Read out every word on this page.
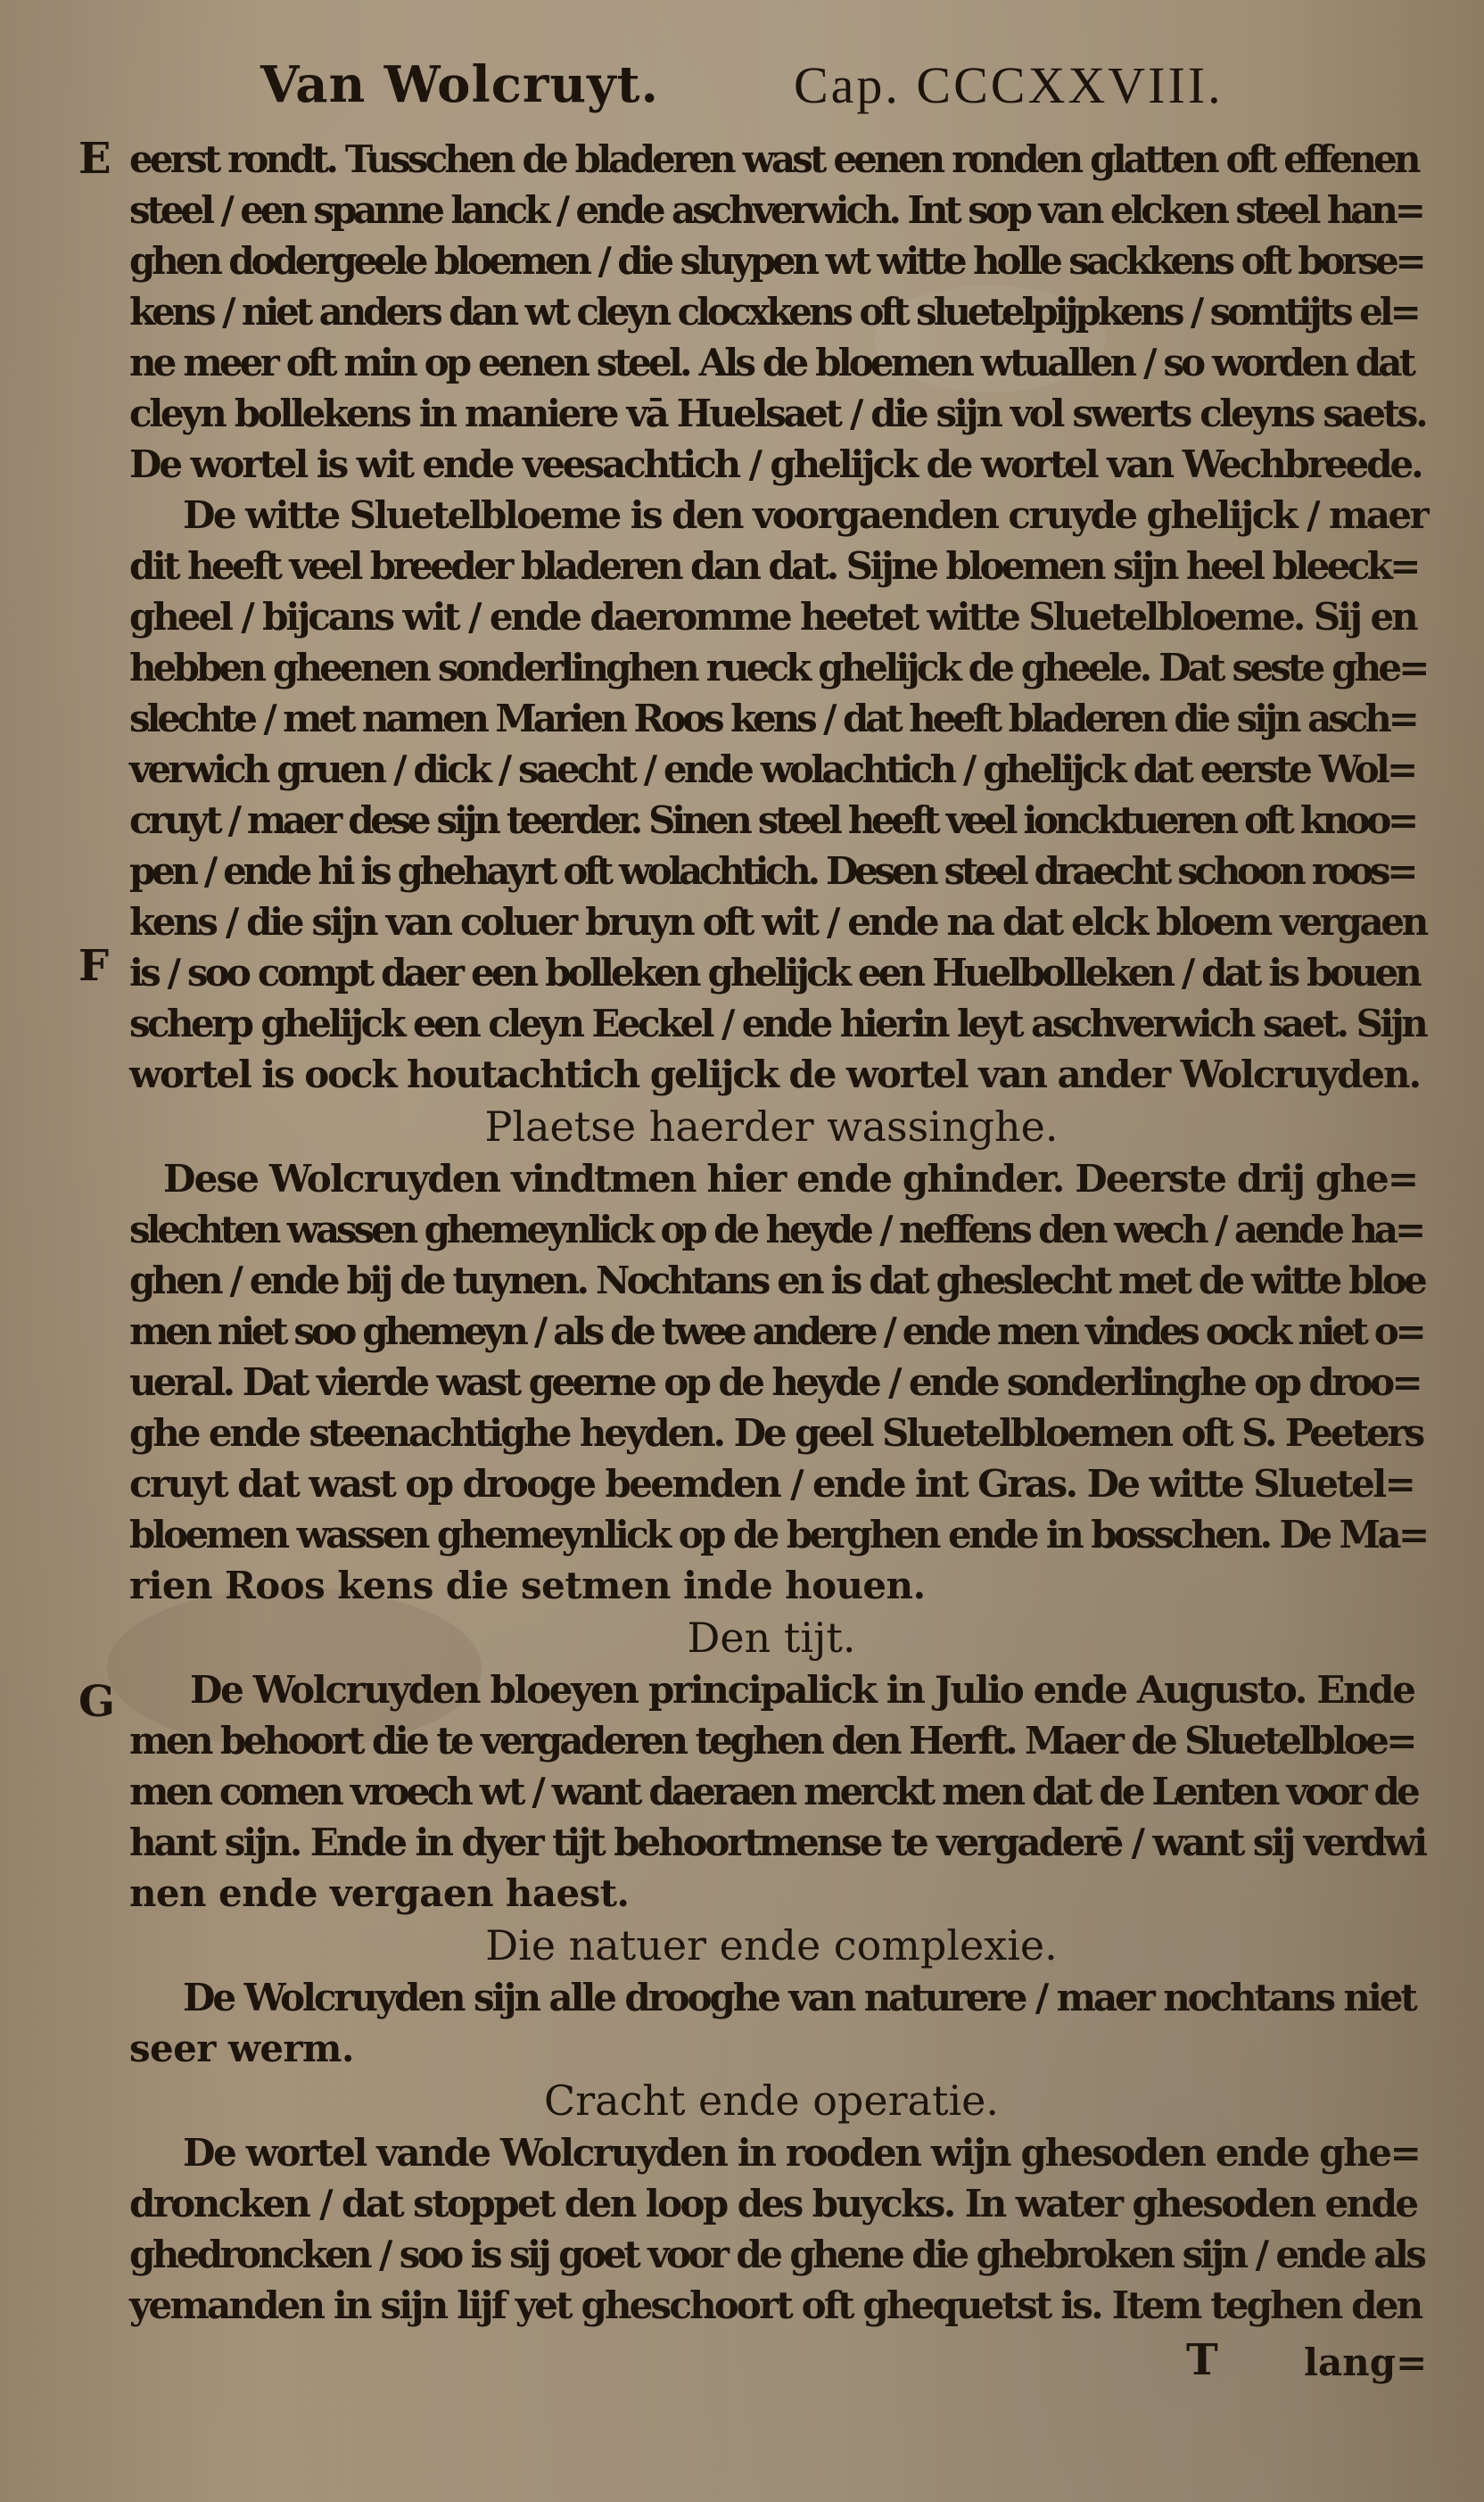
Van Wolcruyt.	Cap. CCCXXVIII.
E
F
G
eerst rondt. Tusschen de bladeren wast eenen ronden glatten oft effenen
steel / een spanne lanck / ende aschverwich. Int sop van elcken steel han=
ghen dodergeele bloemen / die sluypen wt witte holle sackkens oft borse=
kens / niet anders dan wt cleyn clocxkens oft sluetelpijpkens / somtijts el=
ne meer oft min op eenen steel. Als de bloemen wtuallen / so worden dat
cleyn bollekens in maniere vā Huelsaet / die sijn vol swerts cleyns saets.
De wortel is wit ende veesachtich / ghelijck de wortel van Wechbreede.
De witte Sluetelbloeme is den voorgaenden cruyde ghelijck / maer
dit heeft veel breeder bladeren dan dat. Sijne bloemen sijn heel bleeck=
gheel / bijcans wit / ende daeromme heetet witte Sluetelbloeme. Sij en
hebben gheenen sonderlinghen rueck ghelijck de gheele. Dat seste ghe=
slechte / met namen Marien Roos kens / dat heeft bladeren die sijn asch=
verwich gruen / dick / saecht / ende wolachtich / ghelijck dat eerste Wol=
cruyt / maer dese sijn teerder. Sinen steel heeft veel ioncktueren oft knoo=
pen / ende hi is ghehayrt oft wolachtich. Desen steel draecht schoon roos=
kens / die sijn van coluer bruyn oft wit / ende na dat elck bloem vergaen
is / soo compt daer een bolleken ghelijck een Huelbolleken / dat is bouen
scherp ghelijck een cleyn Eeckel / ende hierin leyt aschverwich saet. Sijn
wortel is oock houtachtich gelijck de wortel van ander Wolcruyden.
Plaetse haerder wassinghe.
Dese Wolcruyden vindtmen hier ende ghinder. Deerste drij ghe=
slechten wassen ghemeynlick op de heyde / neffens den wech / aende ha=
ghen / ende bij de tuynen. Nochtans en is dat gheslecht met de witte bloe
men niet soo ghemeyn / als de twee andere / ende men vindes oock niet o=
ueral. Dat vierde wast geerne op de heyde / ende sonderlinghe op droo=
ghe ende steenachtighe heyden. De geel Sluetelbloemen oft S. Peeters
cruyt dat wast op drooge beemden / ende int Gras. De witte Sluetel=
bloemen wassen ghemeynlick op de berghen ende in bosschen. De Ma=
rien Roos kens die setmen inde houen.
Den tijt.
De Wolcruyden bloeyen principalick in Julio ende Augusto. Ende
men behoort die te vergaderen teghen den Herft. Maer de Sluetelbloe=
men comen vroech wt / want daeraen merckt men dat de Lenten voor de
hant sijn. Ende in dyer tijt behoortmense te vergaderē / want sij verdwi
nen ende vergaen haest.
Die natuer ende complexie.
De Wolcruyden sijn alle drooghe van naturere / maer nochtans niet
seer werm.
Cracht ende operatie.
De wortel vande Wolcruyden in rooden wijn ghesoden ende ghe=
droncken / dat stoppet den loop des buycks. In water ghesoden ende
ghedroncken / soo is sij goet voor de ghene die ghebroken sijn / ende als
yemanden in sijn lijf yet gheschoort oft ghequetst is. Item teghen den
T lang=
